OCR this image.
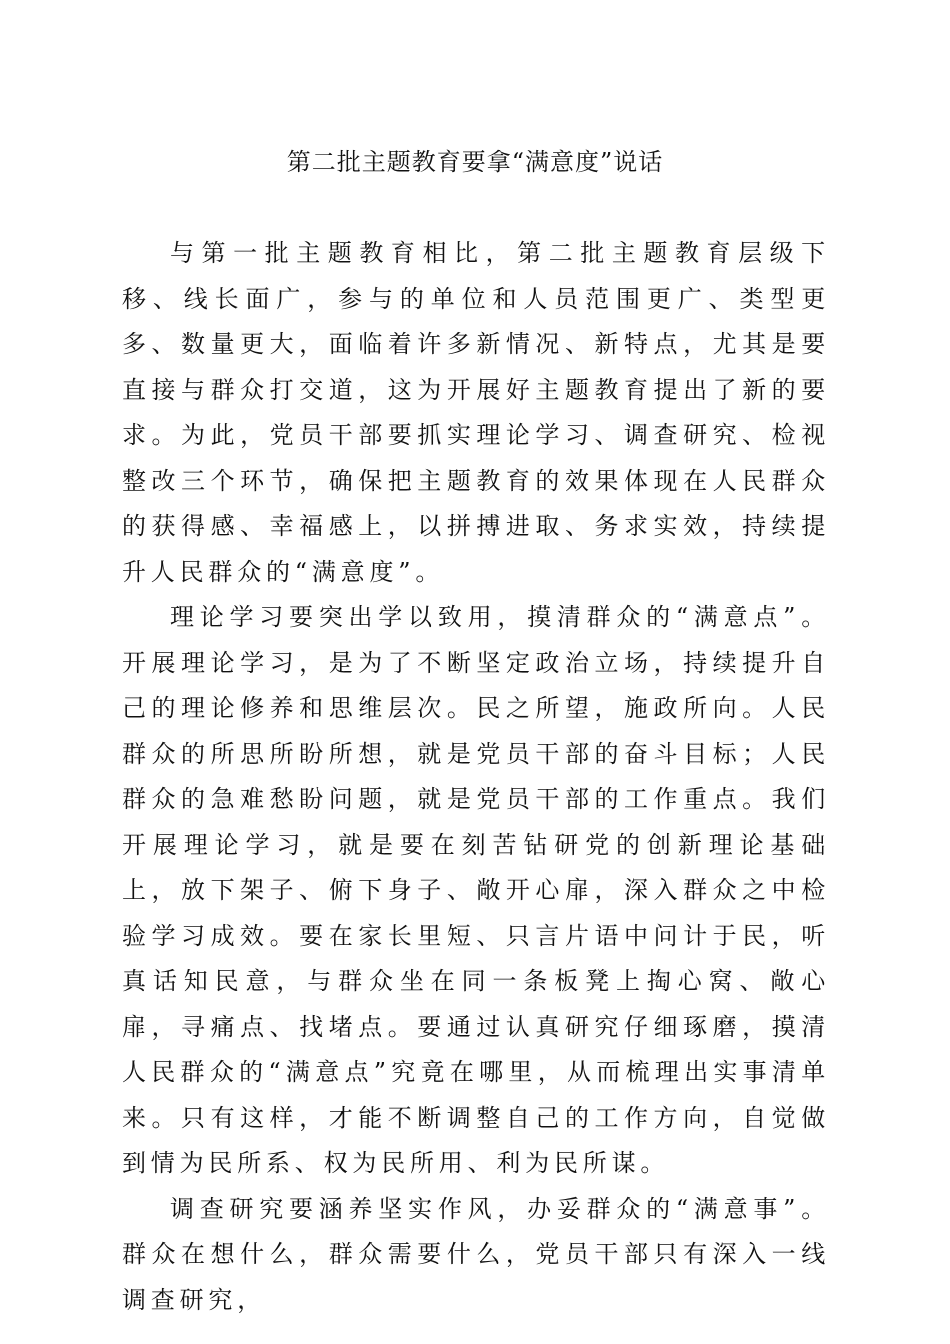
第二批主题教育要拿“满意度”说话

与第一批主题教育相比，第二批主题教育层级下移、线长面广，参与的单位和人员范围更广、类型更多、数量更大，面临着许多新情况、新特点，尤其是要直接与群众打交道，这为开展好主题教育提出了新的要求。为此，党员干部要抓实理论学习、调查研究、检视整改三个环节，确保把主题教育的效果体现在人民群众的获得感、幸福感上，以拼搏进取、务求实效，持续提升人民群众的“满意度”。

理论学习要突出学以致用，摸清群众的“满意点”。开展理论学习，是为了不断坚定政治立场，持续提升自己的理论修养和思维层次。民之所望，施政所向。人民群众的所思所盼所想，就是党员干部的奋斗目标；人民群众的急难愁盼问题，就是党员干部的工作重点。我们开展理论学习，就是要在刻苦钻研党的创新理论基础上，放下架子、俯下身子、敞开心扉，深入群众之中检验学习成效。要在家长里短、只言片语中问计于民，听真话知民意，与群众坐在同一条板凳上掏心窝、敞心扉，寻痛点、找堵点。要通过认真研究仔细琢磨，摸清人民群众的“满意点”究竟在哪里，从而梳理出实事清单来。只有这样，才能不断调整自己的工作方向，自觉做到情为民所系、权为民所用、利为民所谋。

调查研究要涵养坚实作风，办妥群众的“满意事”。群众在想什么，群众需要什么，党员干部只有深入一线调查研究，
